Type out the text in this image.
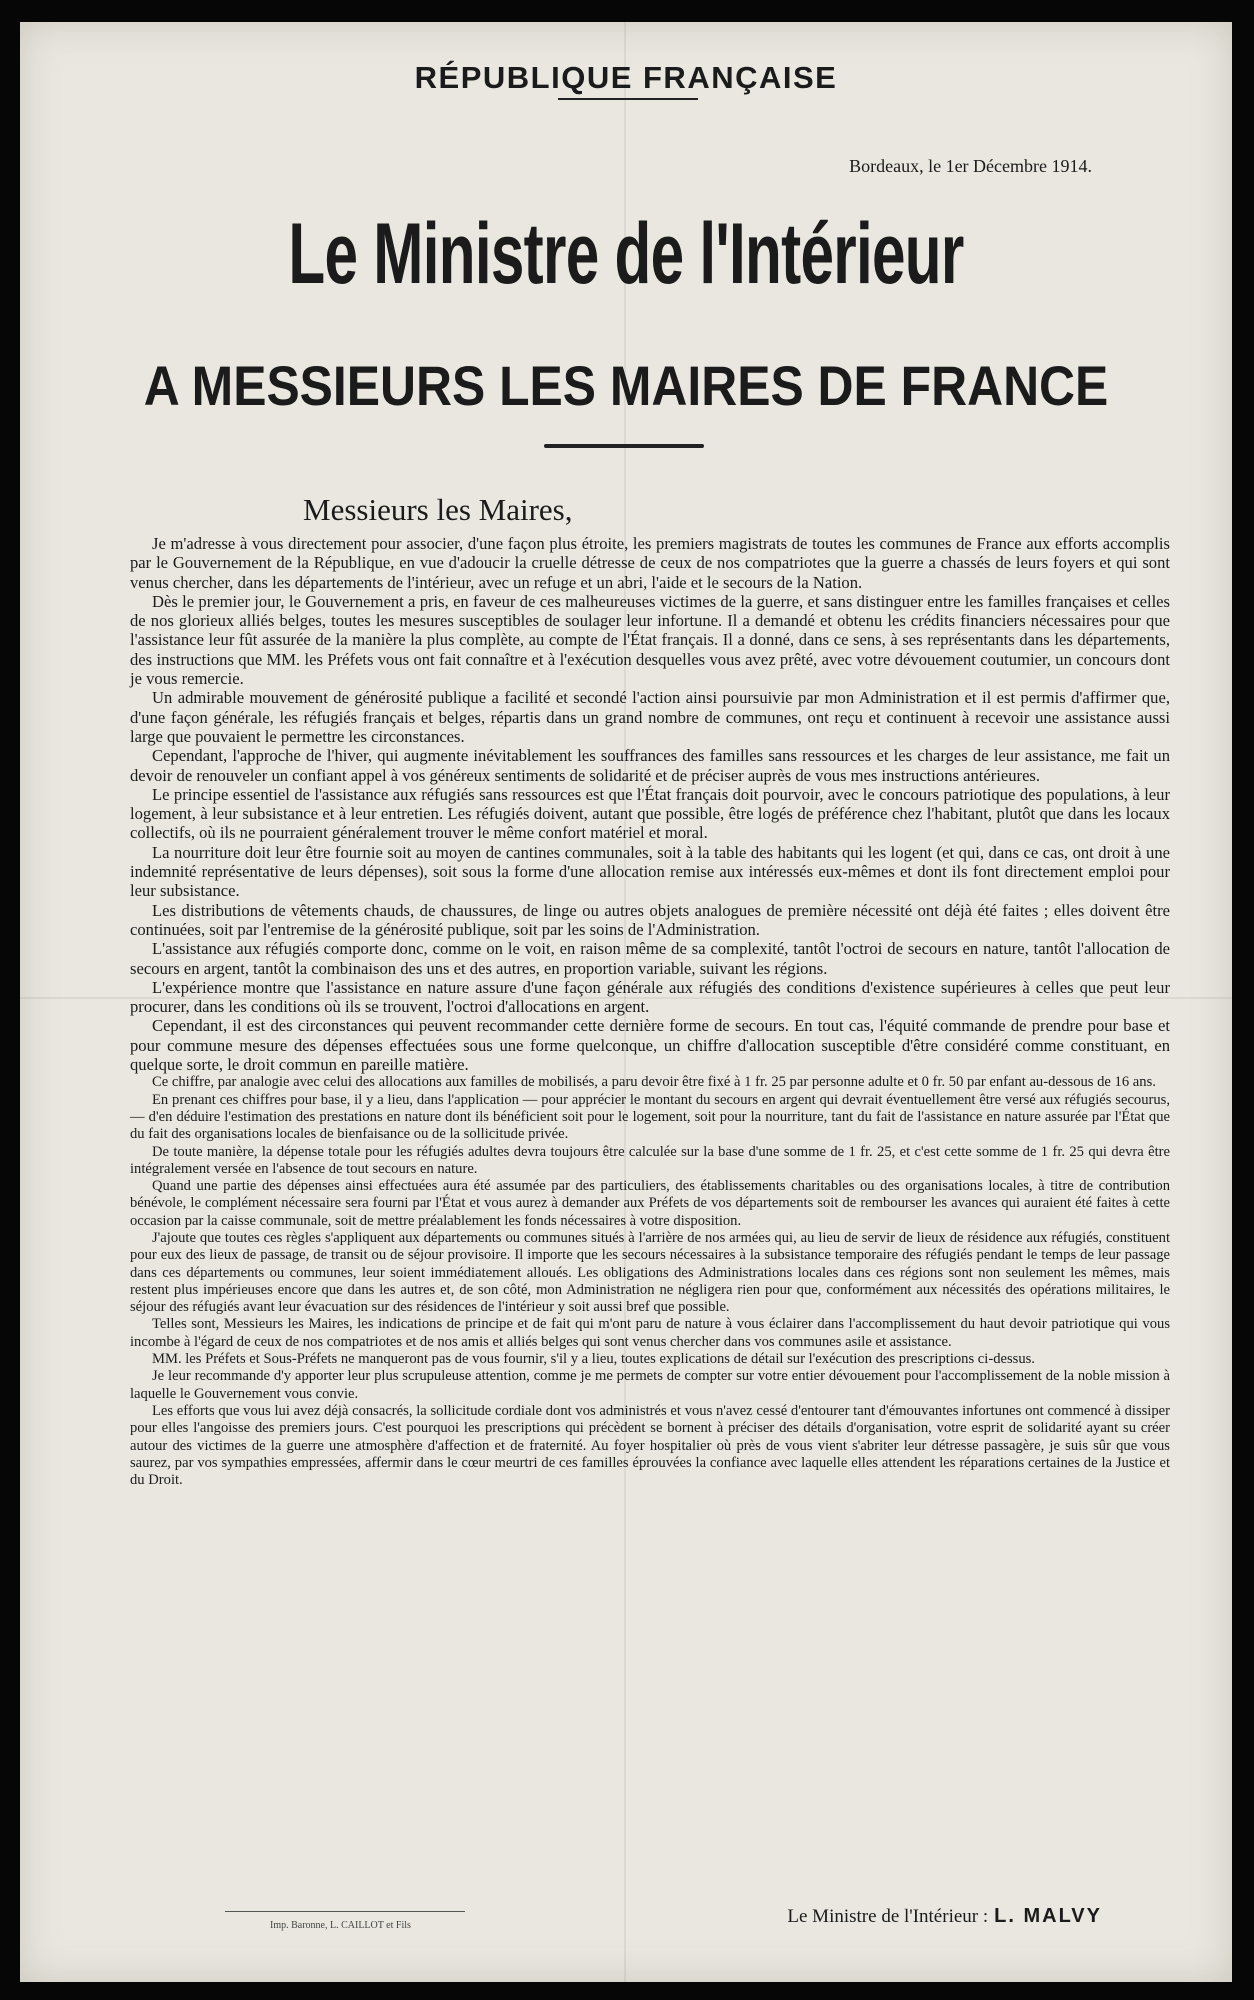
RÉPUBLIQUE FRANÇAISE
Bordeaux, le 1er Décembre 1914.
Le Ministre de l'Intérieur
A MESSIEURS LES MAIRES DE FRANCE
Messieurs les Maires,

Je m'adresse à vous directement pour associer, d'une façon plus étroite, les premiers magistrats de toutes les communes de France aux efforts accomplis par le Gouvernement de la République, en vue d'adoucir la cruelle détresse de ceux de nos compatriotes que la guerre a chassés de leurs foyers et qui sont venus chercher, dans les départements de l'intérieur, avec un refuge et un abri, l'aide et le secours de la Nation.

Dès le premier jour, le Gouvernement a pris, en faveur de ces malheureuses victimes de la guerre, et sans distinguer entre les familles françaises et celles de nos glorieux alliés belges, toutes les mesures susceptibles de soulager leur infortune. Il a demandé et obtenu les crédits financiers nécessaires pour que l'assistance leur fût assurée de la manière la plus complète, au compte de l'État français. Il a donné, dans ce sens, à ses représentants dans les départements, des instructions que MM. les Préfets vous ont fait connaître et à l'exécution desquelles vous avez prêté, avec votre dévouement coutumier, un concours dont je vous remercie.

Un admirable mouvement de générosité publique a facilité et secondé l'action ainsi poursuivie par mon Administration et il est permis d'affirmer que, d'une façon générale, les réfugiés français et belges, répartis dans un grand nombre de communes, ont reçu et continuent à recevoir une assistance aussi large que pouvaient le permettre les circonstances.

Cependant, l'approche de l'hiver, qui augmente inévitablement les souffrances des familles sans ressources et les charges de leur assistance, me fait un devoir de renouveler un confiant appel à vos généreux sentiments de solidarité et de préciser auprès de vous mes instructions antérieures.

Le principe essentiel de l'assistance aux réfugiés sans ressources est que l'État français doit pourvoir, avec le concours patriotique des populations, à leur logement, à leur subsistance et à leur entretien. Les réfugiés doivent, autant que possible, être logés de préférence chez l'habitant, plutôt que dans les locaux collectifs, où ils ne pourraient généralement trouver le même confort matériel et moral.

La nourriture doit leur être fournie soit au moyen de cantines communales, soit à la table des habitants qui les logent (et qui, dans ce cas, ont droit à une indemnité représentative de leurs dépenses), soit sous la forme d'une allocation remise aux intéressés eux-mêmes et dont ils font directement emploi pour leur subsistance.

Les distributions de vêtements chauds, de chaussures, de linge ou autres objets analogues de première nécessité ont déjà été faites ; elles doivent être continuées, soit par l'entremise de la générosité publique, soit par les soins de l'Administration.

L'assistance aux réfugiés comporte donc, comme on le voit, en raison même de sa complexité, tantôt l'octroi de secours en nature, tantôt l'allocation de secours en argent, tantôt la combinaison des uns et des autres, en proportion variable, suivant les régions.

L'expérience montre que l'assistance en nature assure d'une façon générale aux réfugiés des conditions d'existence supérieures à celles que peut leur procurer, dans les conditions où ils se trouvent, l'octroi d'allocations en argent.

Cependant, il est des circonstances qui peuvent recommander cette dernière forme de secours. En tout cas, l'équité commande de prendre pour base et pour commune mesure des dépenses effectuées sous une forme quelconque, un chiffre d'allocation susceptible d'être considéré comme constituant, en quelque sorte, le droit commun en pareille matière.

Ce chiffre, par analogie avec celui des allocations aux familles de mobilisés, a paru devoir être fixé à 1 fr. 25 par personne adulte et 0 fr. 50 par enfant au-dessous de 16 ans.

En prenant ces chiffres pour base, il y a lieu, dans l'application — pour apprécier le montant du secours en argent qui devrait éventuellement être versé aux réfugiés secourus, — d'en déduire l'estimation des prestations en nature dont ils bénéficient soit pour le logement, soit pour la nourriture, tant du fait de l'assistance en nature assurée par l'État que du fait des organisations locales de bienfaisance ou de la sollicitude privée.

De toute manière, la dépense totale pour les réfugiés adultes devra toujours être calculée sur la base d'une somme de 1 fr. 25, et c'est cette somme de 1 fr. 25 qui devra être intégralement versée en l'absence de tout secours en nature.

Quand une partie des dépenses ainsi effectuées aura été assumée par des particuliers, des établissements charitables ou des organisations locales, à titre de contribution bénévole, le complément nécessaire sera fourni par l'État et vous aurez à demander aux Préfets de vos départements soit de rembourser les avances qui auraient été faites à cette occasion par la caisse communale, soit de mettre préalablement les fonds nécessaires à votre disposition.

J'ajoute que toutes ces règles s'appliquent aux départements ou communes situés à l'arrière de nos armées qui, au lieu de servir de lieux de résidence aux réfugiés, constituent pour eux des lieux de passage, de transit ou de séjour provisoire. Il importe que les secours nécessaires à la subsistance temporaire des réfugiés pendant le temps de leur passage dans ces départements ou communes, leur soient immédiatement alloués. Les obligations des Administrations locales dans ces régions sont non seulement les mêmes, mais restent plus impérieuses encore que dans les autres et, de son côté, mon Administration ne négligera rien pour que, conformément aux nécessités des opérations militaires, le séjour des réfugiés avant leur évacuation sur des résidences de l'intérieur y soit aussi bref que possible.

Telles sont, Messieurs les Maires, les indications de principe et de fait qui m'ont paru de nature à vous éclairer dans l'accomplissement du haut devoir patriotique qui vous incombe à l'égard de ceux de nos compatriotes et de nos amis et alliés belges qui sont venus chercher dans vos communes asile et assistance.

MM. les Préfets et Sous-Préfets ne manqueront pas de vous fournir, s'il y a lieu, toutes explications de détail sur l'exécution des prescriptions ci-dessus.

Je leur recommande d'y apporter leur plus scrupuleuse attention, comme je me permets de compter sur votre entier dévouement pour l'accomplissement de la noble mission à laquelle le Gouvernement vous convie.

Les efforts que vous lui avez déjà consacrés, la sollicitude cordiale dont vos administrés et vous n'avez cessé d'entourer tant d'émouvantes infortunes ont commencé à dissiper pour elles l'angoisse des premiers jours. C'est pourquoi les prescriptions qui précèdent se bornent à préciser des détails d'organisation, votre esprit de solidarité ayant su créer autour des victimes de la guerre une atmosphère d'affection et de fraternité. Au foyer hospitalier où près de vous vient s'abriter leur détresse passagère, je suis sûr que vous saurez, par vos sympathies empressées, affermir dans le cœur meurtri de ces familles éprouvées la confiance avec laquelle elles attendent les réparations certaines de la Justice et du Droit.

Imp. Baronne, L. CAILLOT et Fils	Le Ministre de l'Intérieur : L. MALVY
